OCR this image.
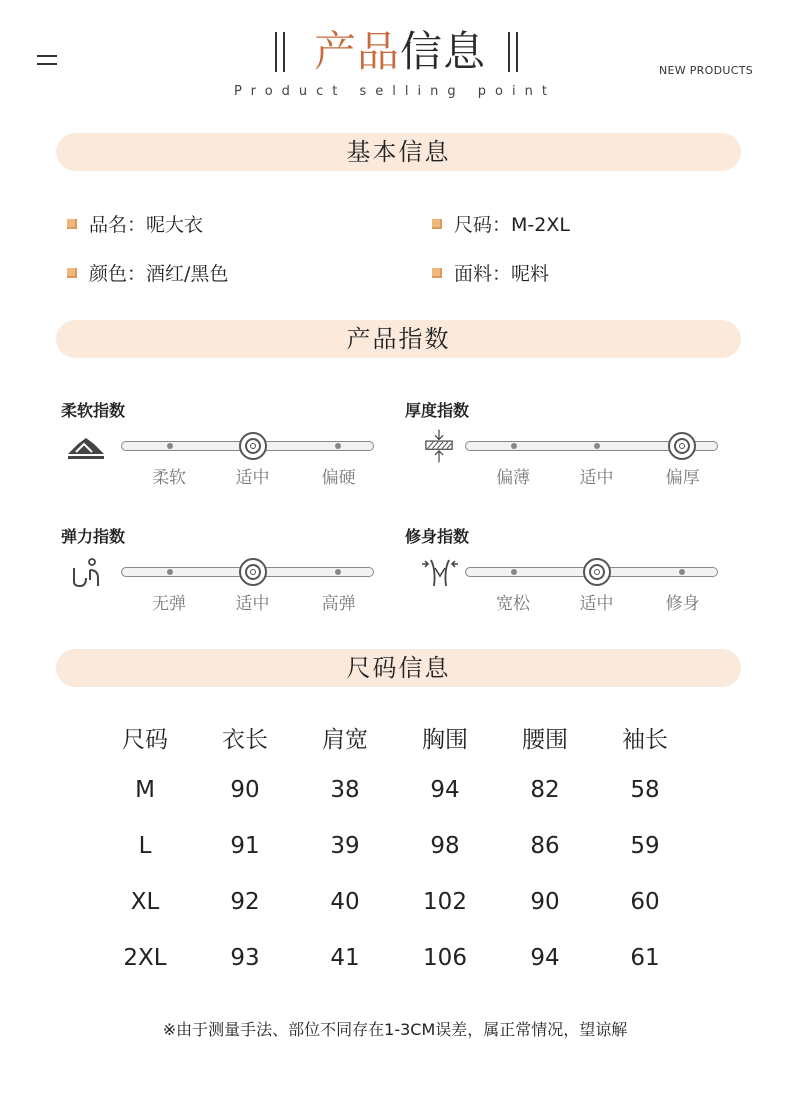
产品信息
Product selling point
NEW PRODUCTS
基本信息
品名：呢大衣	尺码：M-2XL
颜色：酒红/黑色	面料：呢料
产品指数
柔软指数	厚度指数
弹力指数	修身指数
尺码信息
尺码	衣长	肩宽	胸围	腰围	袖长
M	90	38	94	82	58
L	91	39	98	86	59
XL	92	40	102	90	60
2XL	93	41	106	94	61
※由于测量手法、部位不同存在1-3CM误差，属正常情况，望谅解
柔软	适中	偏硬	偏薄	适中	偏厚
无弹	适中	高弹	宽松	适中	修身
